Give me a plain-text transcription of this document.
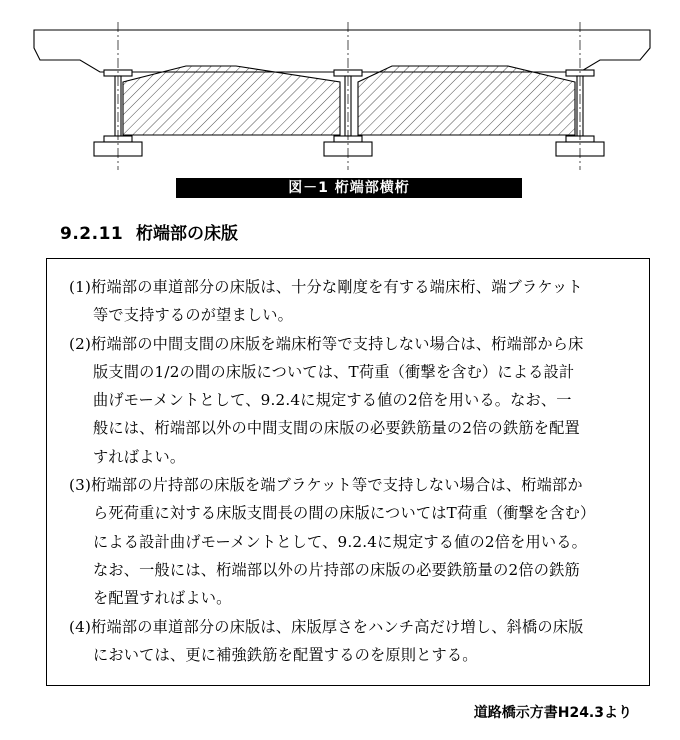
図－1 桁端部横桁
9.2.11 桁端部の床版
(1)桁端部の車道部分の床版は、十分な剛度を有する端床桁、端ブラケット
等で支持するのが望ましい。
(2)桁端部の中間支間の床版を端床桁等で支持しない場合は、桁端部から床
版支間の1/2の間の床版については、T荷重（衝撃を含む）による設計
曲げモーメントとして、9.2.4に規定する値の2倍を用いる。なお、一
般には、桁端部以外の中間支間の床版の必要鉄筋量の2倍の鉄筋を配置
すればよい。
(3)桁端部の片持部の床版を端ブラケット等で支持しない場合は、桁端部か
ら死荷重に対する床版支間長の間の床版についてはT荷重（衝撃を含む）
による設計曲げモーメントとして、9.2.4に規定する値の2倍を用いる。
なお、一般には、桁端部以外の片持部の床版の必要鉄筋量の2倍の鉄筋
を配置すればよい。
(4)桁端部の車道部分の床版は、床版厚さをハンチ高だけ増し、斜橋の床版
においては、更に補強鉄筋を配置するのを原則とする。
道路橋示方書H24.3より
